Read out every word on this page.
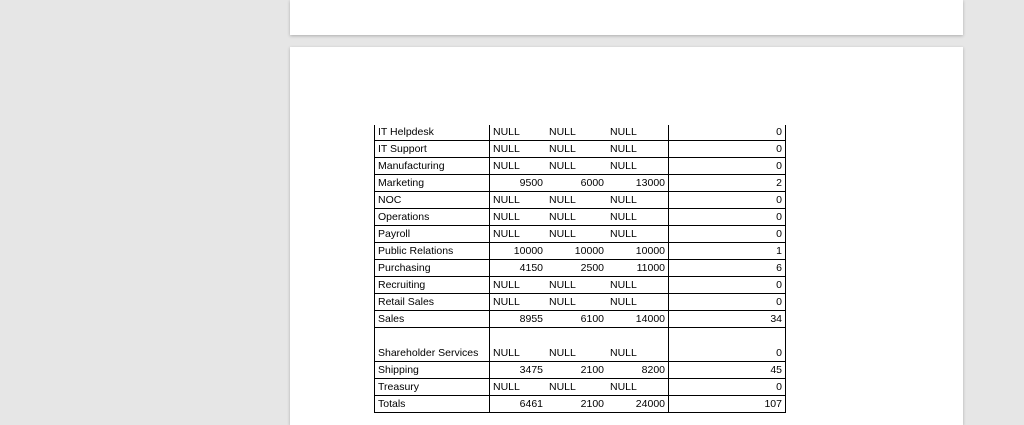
IT Helpdesk	NULL	NULL	NULL	0
IT Support	NULL	NULL	NULL	0
Manufacturing	NULL	NULL	NULL	0
Marketing	9500	6000	13000	2
NOC	NULL	NULL	NULL	0
Operations	NULL	NULL	NULL	0
Payroll	NULL	NULL	NULL	0
Public Relations	10000	10000	10000	1
Purchasing	4150	2500	11000	6
Recruiting	NULL	NULL	NULL	0
Retail Sales	NULL	NULL	NULL	0
Sales	8955	6100	14000	34
Shareholder Services	NULL	NULL	NULL	0
Shipping	3475	2100	8200	45
Treasury	NULL	NULL	NULL	0
Totals	6461	2100	24000	107
